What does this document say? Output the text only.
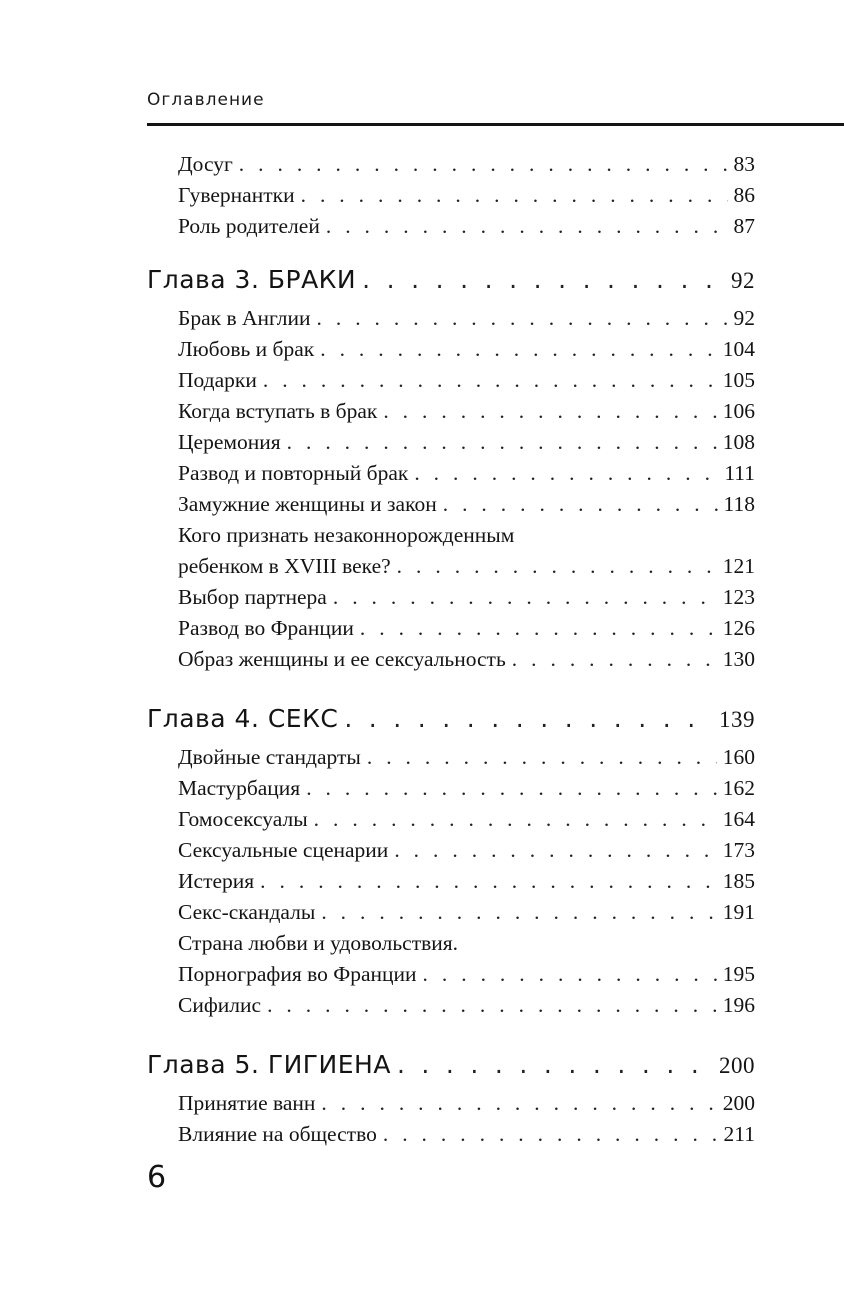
Оглавление
Досуг . . .	83
Гувернантки . . .	86
Роль родителей . . .	87
Глава 3. БРАКИ . . .	92
Брак в Англии . . .	92
Любовь и брак . . .	104
Подарки . . .	105
Когда вступать в брак . . .	106
Церемония . . .	108
Развод и повторный брак . . .	111
Замужние женщины и закон . . .	118
Кого признать незаконнорожденным
ребенком в XVIII веке? . . .	121
Выбор партнера . . .	123
Развод во Франции . . .	126
Образ женщины и ее сексуальность . . .	130
Глава 4. СЕКС . . .	139
Двойные стандарты . . .	160
Мастурбация . . .	162
Гомосексуалы . . .	164
Сексуальные сценарии . . .	173
Истерия . . .	185
Секс-скандалы . . .	191
Страна любви и удовольствия.
Порнография во Франции . . .	195
Сифилис . . .	196
Глава 5. ГИГИЕНА . . .	200
Принятие ванн . . .	200
Влияние на общество . . .	211
6
